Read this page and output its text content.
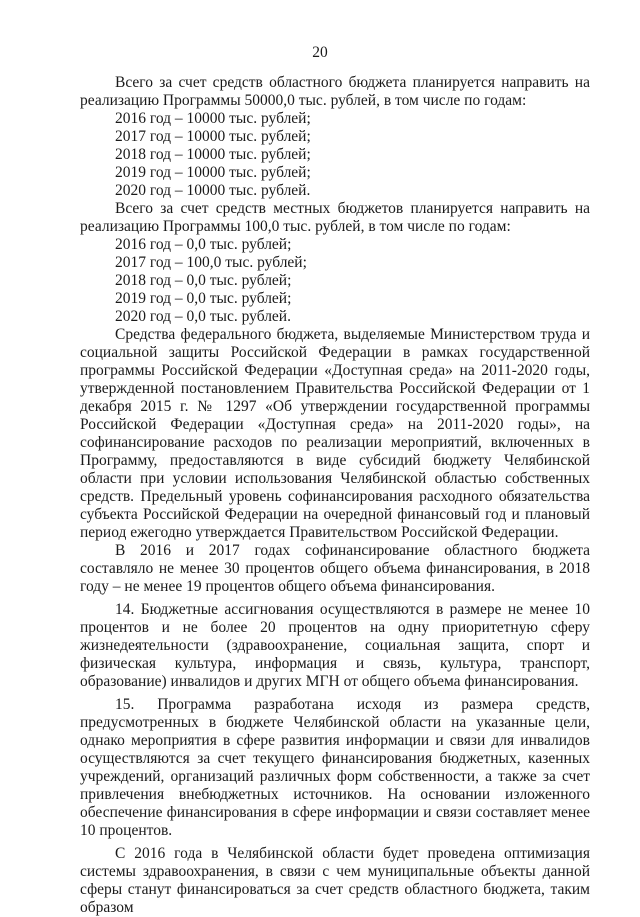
20

Всего за счет средств областного бюджета планируется направить на реализацию Программы 50000,0 тыс. рублей, в том числе по годам:

2016 год – 10000 тыс. рублей;

2017 год – 10000 тыс. рублей;

2018 год – 10000 тыс. рублей;

2019 год – 10000 тыс. рублей;

2020 год – 10000 тыс. рублей.

Всего за счет средств местных бюджетов планируется направить на реализацию Программы 100,0 тыс. рублей, в том числе по годам:

2016 год – 0,0 тыс. рублей;

2017 год – 100,0 тыс. рублей;

2018 год – 0,0 тыс. рублей;

2019 год – 0,0 тыс. рублей;

2020 год – 0,0 тыс. рублей.

Средства федерального бюджета, выделяемые Министерством труда и социальной защиты Российской Федерации в рамках государственной программы Российской Федерации «Доступная среда» на 2011-2020 годы, утвержденной постановлением Правительства Российской Федерации от 1 декабря 2015 г. № 1297 «Об утверждении государственной программы Российской Федерации «Доступная среда» на 2011-2020 годы», на софинансирование расходов по реализации мероприятий, включенных в Программу, предоставляются в виде субсидий бюджету Челябинской области при условии использования Челябинской областью собственных средств. Предельный уровень софинансирования расходного обязательства субъекта Российской Федерации на очередной финансовый год и плановый период ежегодно утверждается Правительством Российской Федерации.

В 2016 и 2017 годах софинансирование областного бюджета составляло не менее 30 процентов общего объема финансирования, в 2018 году – не менее 19 процентов общего объема финансирования.

14. Бюджетные ассигнования осуществляются в размере не менее 10 процентов и не более 20 процентов на одну приоритетную сферу жизнедеятельности (здравоохранение, социальная защита, спорт и физическая культура, информация и связь, культура, транспорт, образование) инвалидов и других МГН от общего объема финансирования.

15. Программа разработана исходя из размера средств, предусмотренных в бюджете Челябинской области на указанные цели, однако мероприятия в сфере развития информации и связи для инвалидов осуществляются за счет текущего финансирования бюджетных, казенных учреждений, организаций различных форм собственности, а также за счет привлечения внебюджетных источников. На основании изложенного обеспечение финансирования в сфере информации и связи составляет менее 10 процентов.

С 2016 года в Челябинской области будет проведена оптимизация системы здравоохранения, в связи с чем муниципальные объекты данной сферы станут финансироваться за счет средств областного бюджета, таким образом
